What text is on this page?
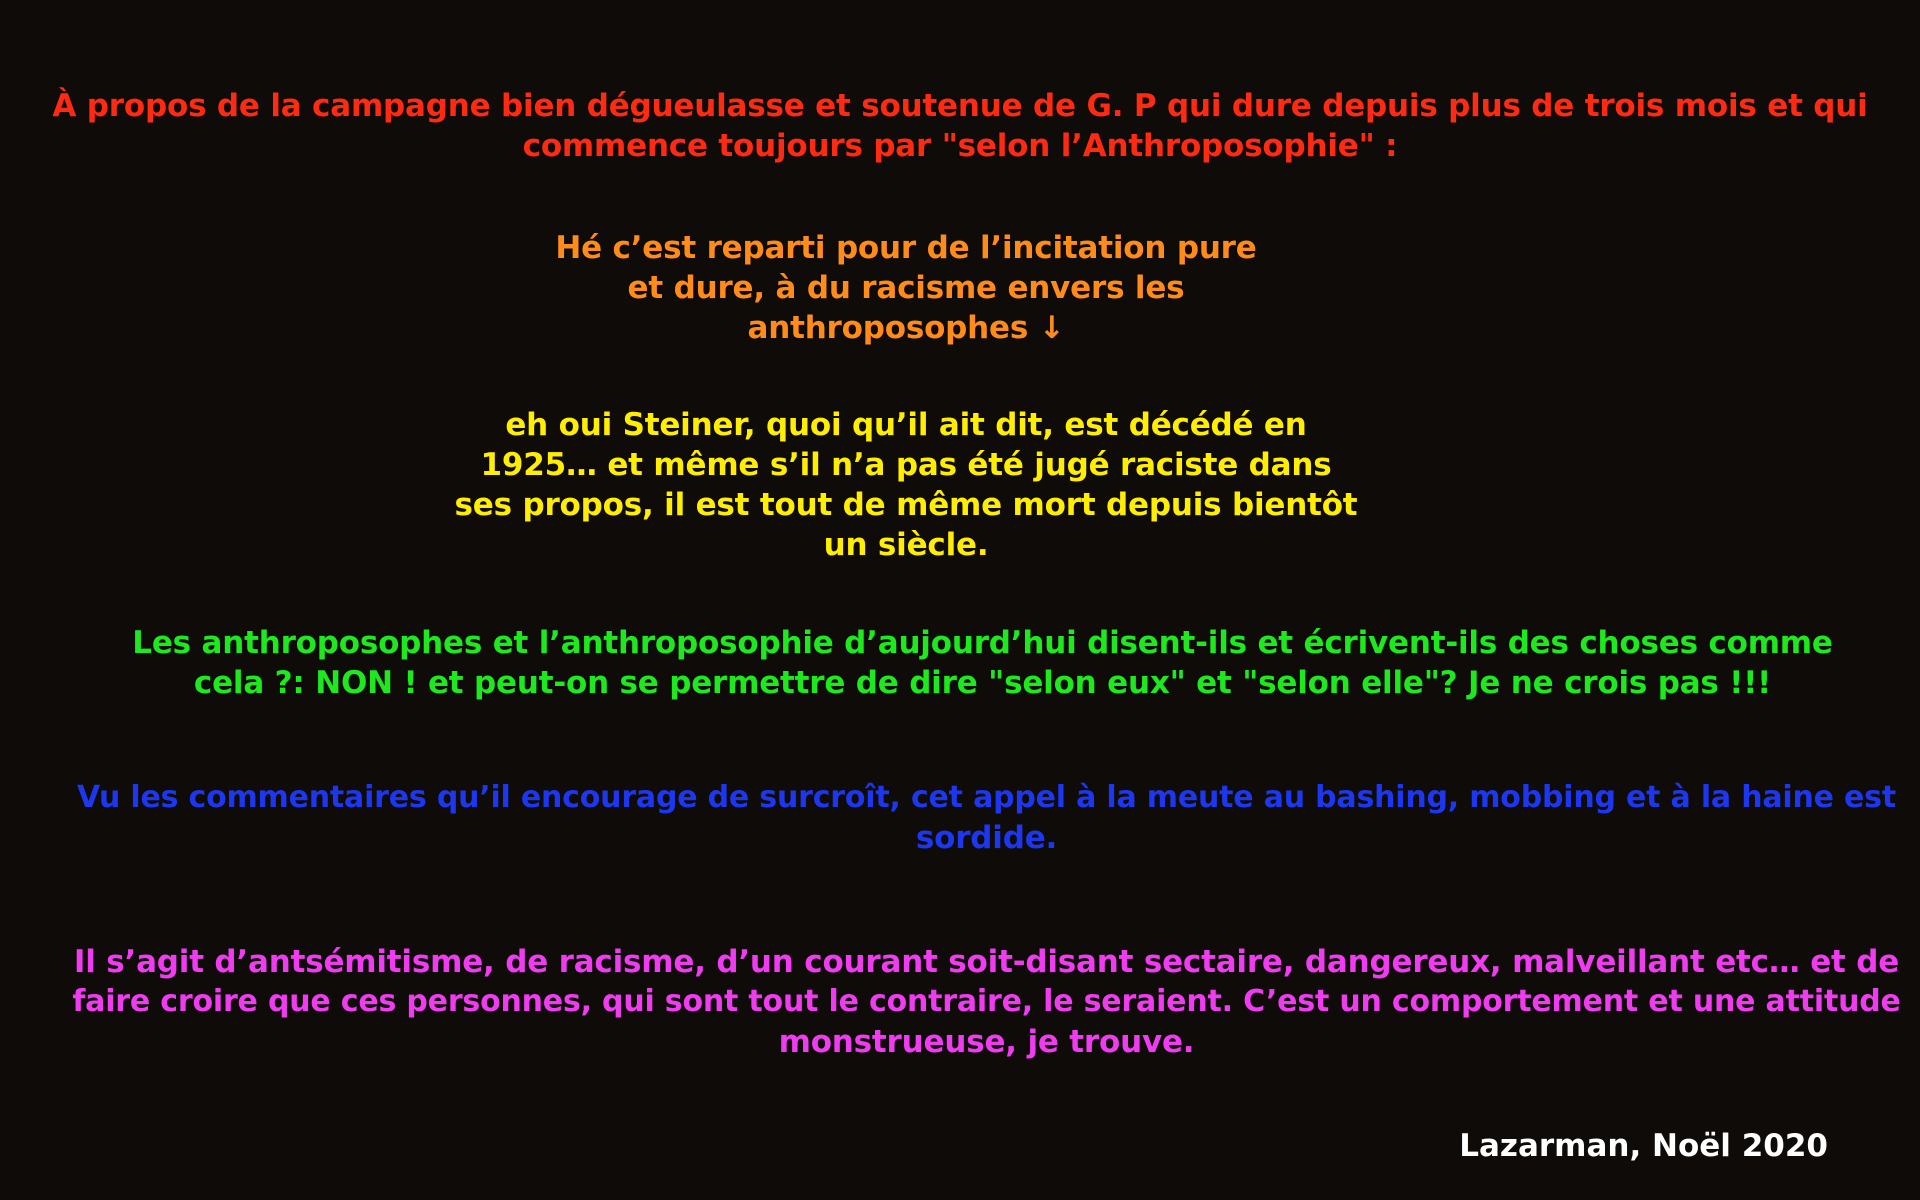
À propos de la campagne bien dégueulasse et soutenue de G. P qui dure depuis plus de trois mois et qui
commence toujours par "selon l’Anthroposophie" :
Hé c’est reparti pour de l’incitation pure
et dure, à du racisme envers les
anthroposophes ↓
eh oui Steiner, quoi qu’il ait dit, est décédé en
1925… et même s’il n’a pas été jugé raciste dans
ses propos, il est tout de même mort depuis bientôt
un siècle.
Les anthroposophes et l’anthroposophie d’aujourd’hui disent-ils et écrivent-ils des choses comme
cela ?: NON ! et peut-on se permettre de dire "selon eux" et "selon elle"? Je ne crois pas !!!
Vu les commentaires qu’il encourage de surcroît, cet appel à la meute au bashing, mobbing et à la haine est
sordide.
Il s’agit d’antsémitisme, de racisme, d’un courant soit-disant sectaire, dangereux, malveillant etc… et de
faire croire que ces personnes, qui sont tout le contraire, le seraient. C’est un comportement et une attitude
monstrueuse, je trouve.
Lazarman, Noël 2020
